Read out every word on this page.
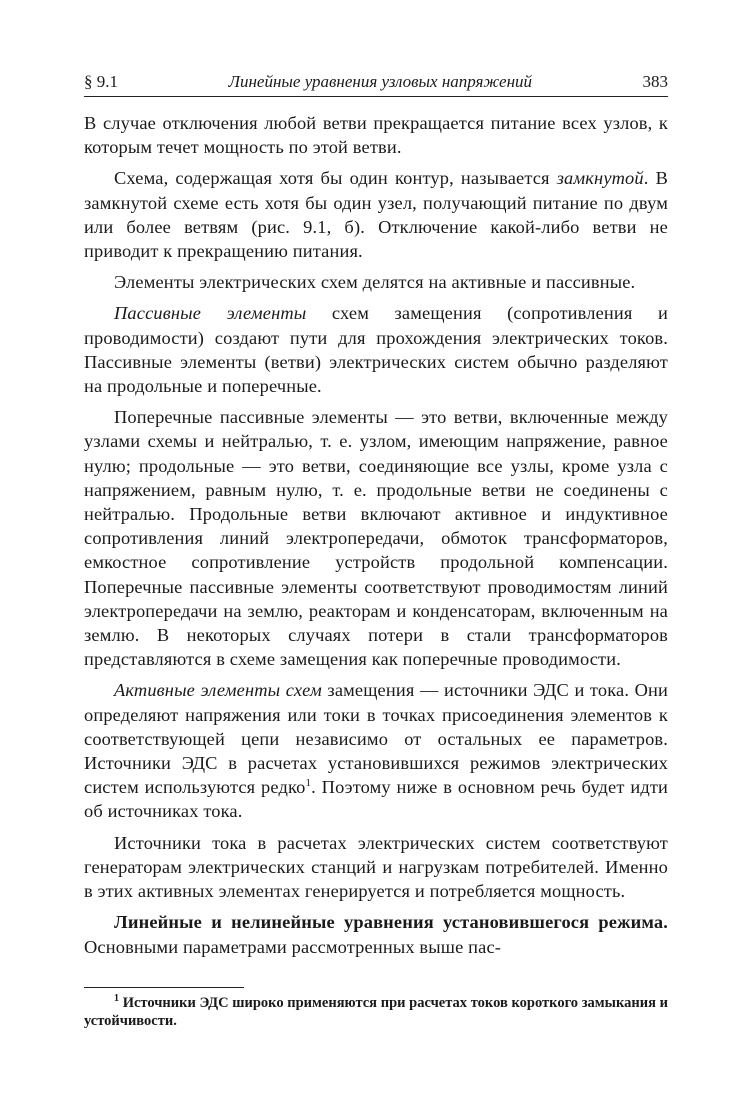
§ 9.1	Линейные уравнения узловых напряжений	383

В случае отключения любой ветви прекращается питание всех узлов, к которым течет мощность по этой ветви.

Схема, содержащая хотя бы один контур, называется замкнутой. В замкнутой схеме есть хотя бы один узел, получающий питание по двум или более ветвям (рис. 9.1, б). Отключение какой-либо ветви не приводит к прекращению питания.

Элементы электрических схем делятся на активные и пассивные.

Пассивные элементы схем замещения (сопротивления и проводимости) создают пути для прохождения электрических токов. Пассивные элементы (ветви) электрических систем обычно разделяют на продольные и поперечные.

Поперечные пассивные элементы — это ветви, включенные между узлами схемы и нейтралью, т. е. узлом, имеющим напряжение, равное нулю; продольные — это ветви, соединяющие все узлы, кроме узла с напряжением, равным нулю, т. е. продольные ветви не соединены с нейтралью. Продольные ветви включают активное и индуктивное сопротивления линий электропередачи, обмоток трансформаторов, емкостное сопротивление устройств продольной компенсации. Поперечные пассивные элементы соответствуют проводимостям линий электропередачи на землю, реакторам и конденсаторам, включенным на землю. В некоторых случаях потери в стали трансформаторов представляются в схеме замещения как поперечные проводимости.

Активные элементы схем замещения — источники ЭДС и тока. Они определяют напряжения или токи в точках присоединения элементов к соответствующей цепи независимо от остальных ее параметров. Источники ЭДС в расчетах установившихся режимов электрических систем используются редко$^1$. Поэтому ниже в основном речь будет идти об источниках тока.

Источники тока в расчетах электрических систем соответствуют генераторам электрических станций и нагрузкам потребителей. Именно в этих активных элементах генерируется и потребляется мощность.

Линейные и нелинейные уравнения установившегося режима. Основными параметрами рассмотренных выше пас-

$^1$ Источники ЭДС широко применяются при расчетах токов короткого замыкания и устойчивости.
